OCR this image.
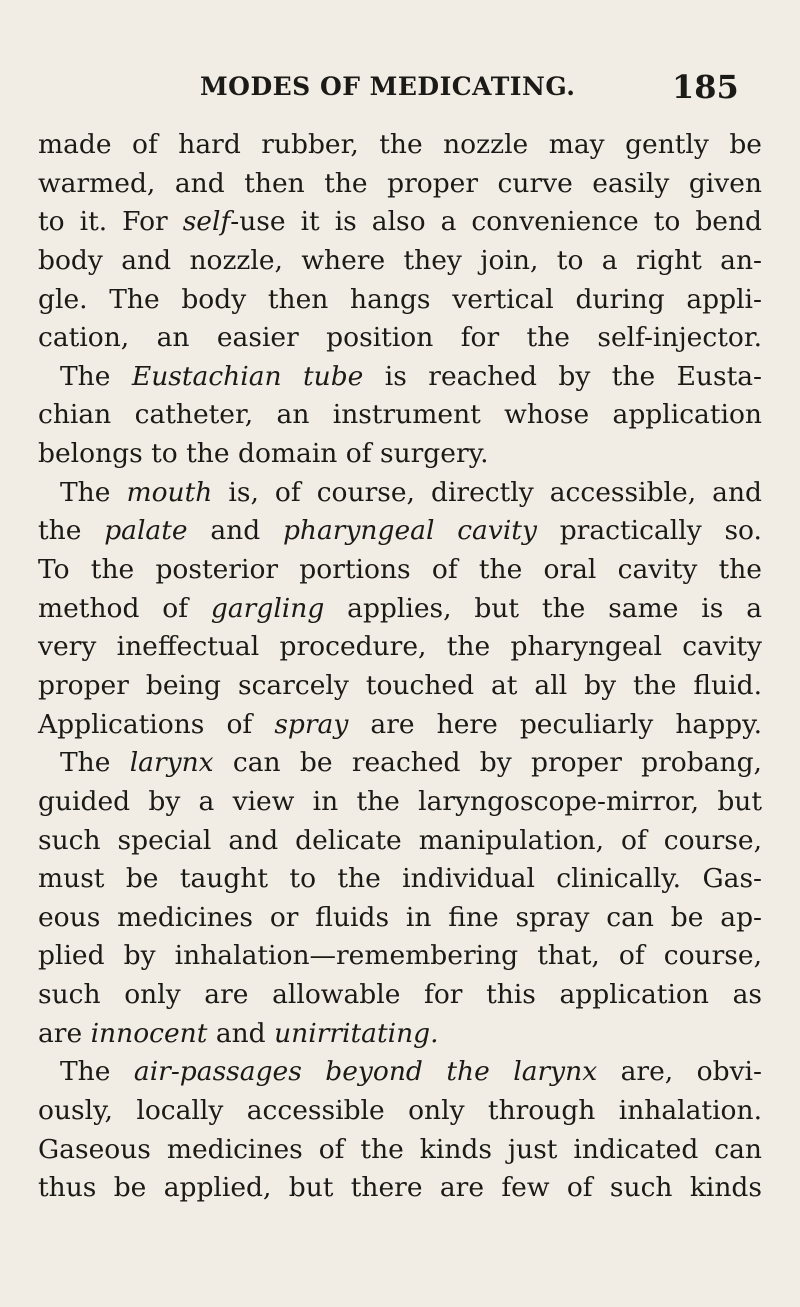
MODES OF MEDICATING.	185
made of hard rubber, the nozzle may gently be
warmed, and then the proper curve easily given
to it. For self-use it is also a convenience to bend
body and nozzle, where they join, to a right an-
gle. The body then hangs vertical during appli-
cation, an easier position for the self-injector.
The Eustachian tube is reached by the Eusta-
chian catheter, an instrument whose application
belongs to the domain of surgery.
The mouth is, of course, directly accessible, and
the palate and pharyngeal cavity practically so.
To the posterior portions of the oral cavity the
method of gargling applies, but the same is a
very ineffectual procedure, the pharyngeal cavity
proper being scarcely touched at all by the fluid.
Applications of spray are here peculiarly happy.
The larynx can be reached by proper probang,
guided by a view in the laryngoscope-mirror, but
such special and delicate manipulation, of course,
must be taught to the individual clinically. Gas-
eous medicines or fluids in fine spray can be ap-
plied by inhalation—remembering that, of course,
such only are allowable for this application as
are innocent and unirritating.
The air-passages beyond the larynx are, obvi-
ously, locally accessible only through inhalation.
Gaseous medicines of the kinds just indicated can
thus be applied, but there are few of such kinds
